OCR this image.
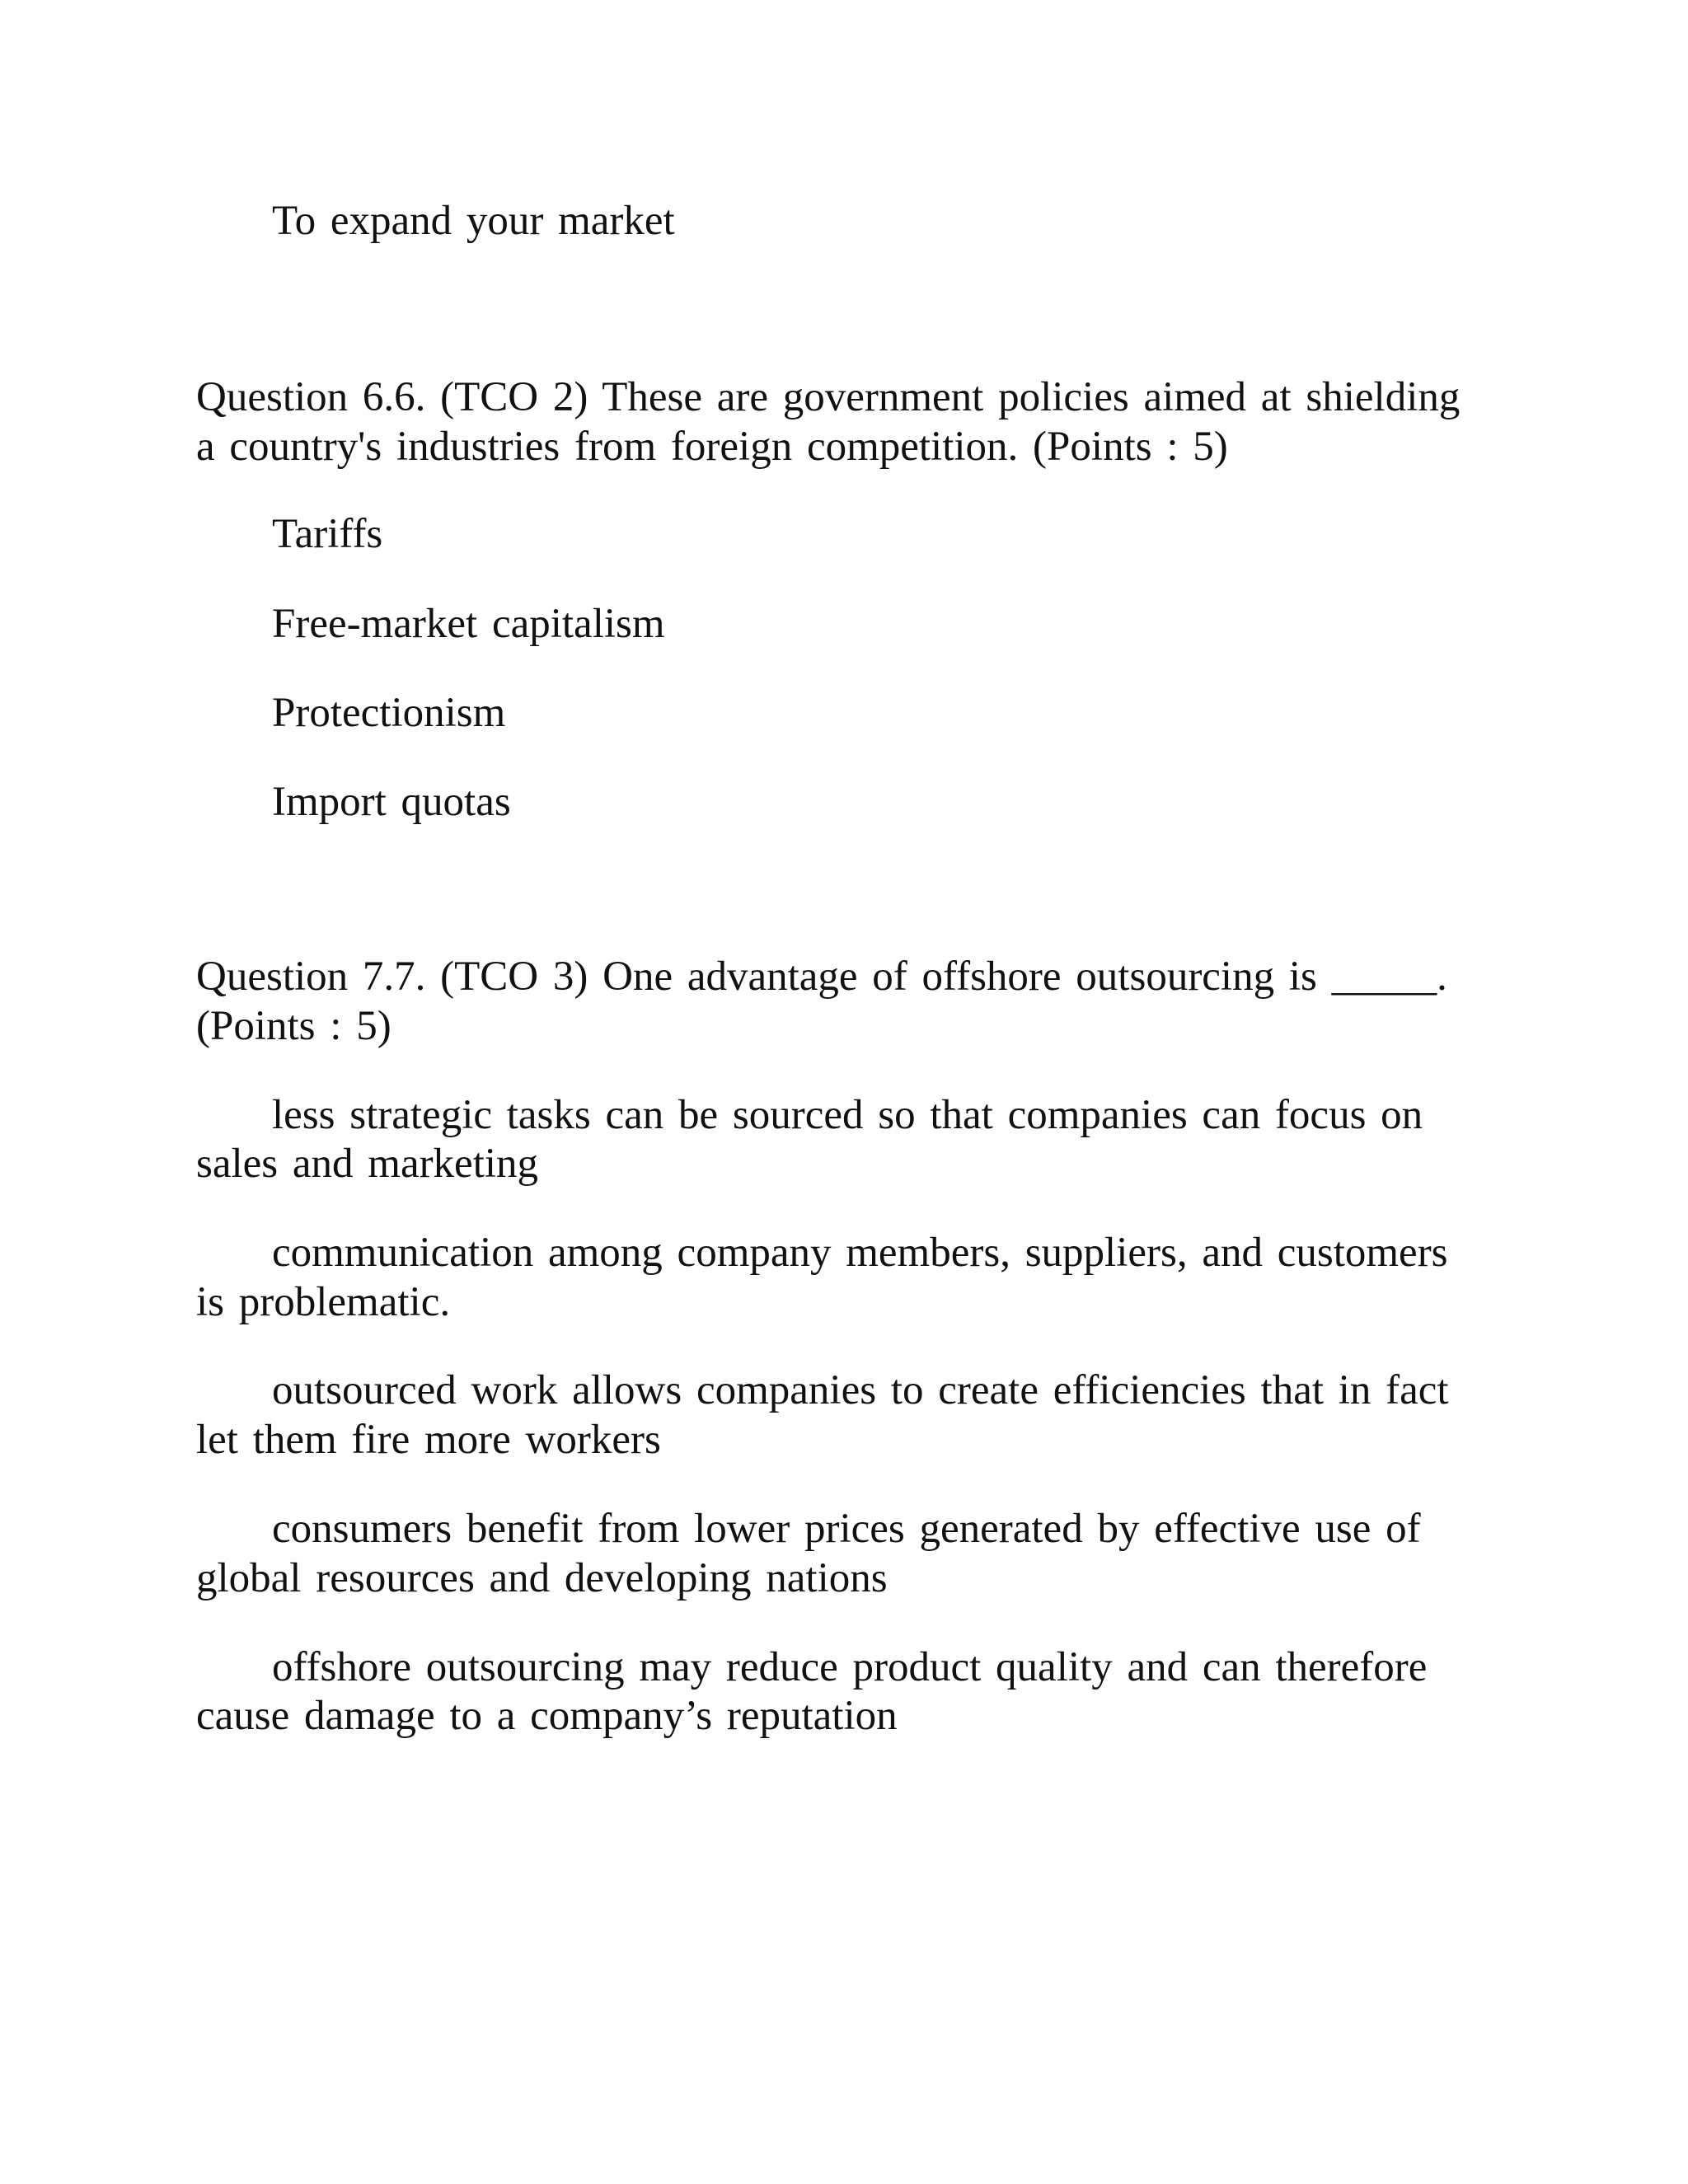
To expand your market
Question 6.6. (TCO 2) These are government policies aimed at shielding
a country's industries from foreign competition. (Points : 5)
Tariffs
Free-market capitalism
Protectionism
Import quotas
Question 7.7. (TCO 3) One advantage of offshore outsourcing is _____.
(Points : 5)
less strategic tasks can be sourced so that companies can focus on
sales and marketing
communication among company members, suppliers, and customers
is problematic.
outsourced work allows companies to create efficiencies that in fact
let them fire more workers
consumers benefit from lower prices generated by effective use of
global resources and developing nations
offshore outsourcing may reduce product quality and can therefore
cause damage to a company’s reputation
